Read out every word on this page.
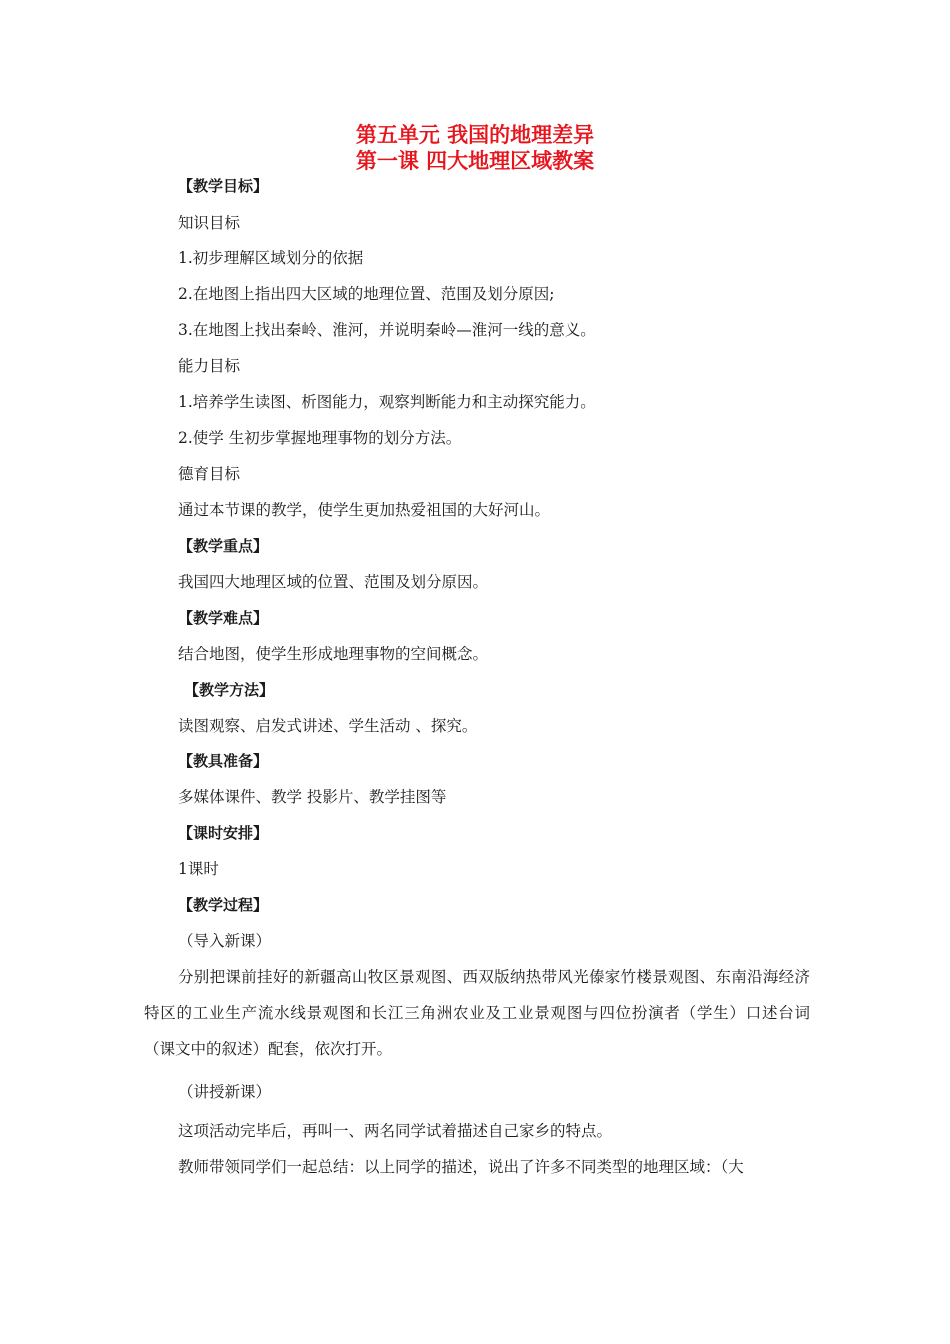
第五单元 我国的地理差异
第一课 四大地理区域教案

【教学目标】

知识目标

1.初步理解区域划分的依据

2.在地图上指出四大区域的地理位置、范围及划分原因;

3.在地图上找出秦岭、淮河，并说明秦岭—淮河一线的意义。

能力目标

1.培养学生读图、析图能力，观察判断能力和主动探究能力。

2.使学 生初步掌握地理事物的划分方法。

德育目标

通过本节课的教学，使学生更加热爱祖国的大好河山。

【教学重点】

我国四大地理区域的位置、范围及划分原因。

【教学难点】

结合地图，使学生形成地理事物的空间概念。

【教学方法】

读图观察、启发式讲述、学生活动 、探究。

【教具准备】

多媒体课件、教学 投影片、教学挂图等

【课时安排】

1课时

【教学过程】

（导入新课）

分别把课前挂好的新疆高山牧区景观图、西双版纳热带风光傣家竹楼景观图、东南沿海经济特区的工业生产流水线景观图和长江三角洲农业及工业景观图与四位扮演者（学生）口述台词（课文中的叙述）配套，依次打开。

（讲授新课）

这项活动完毕后，再叫一、两名同学试着描述自己家乡的特点。

教师带领同学们一起总结：以上同学的描述，说出了许多不同类型的地理区域：（大
